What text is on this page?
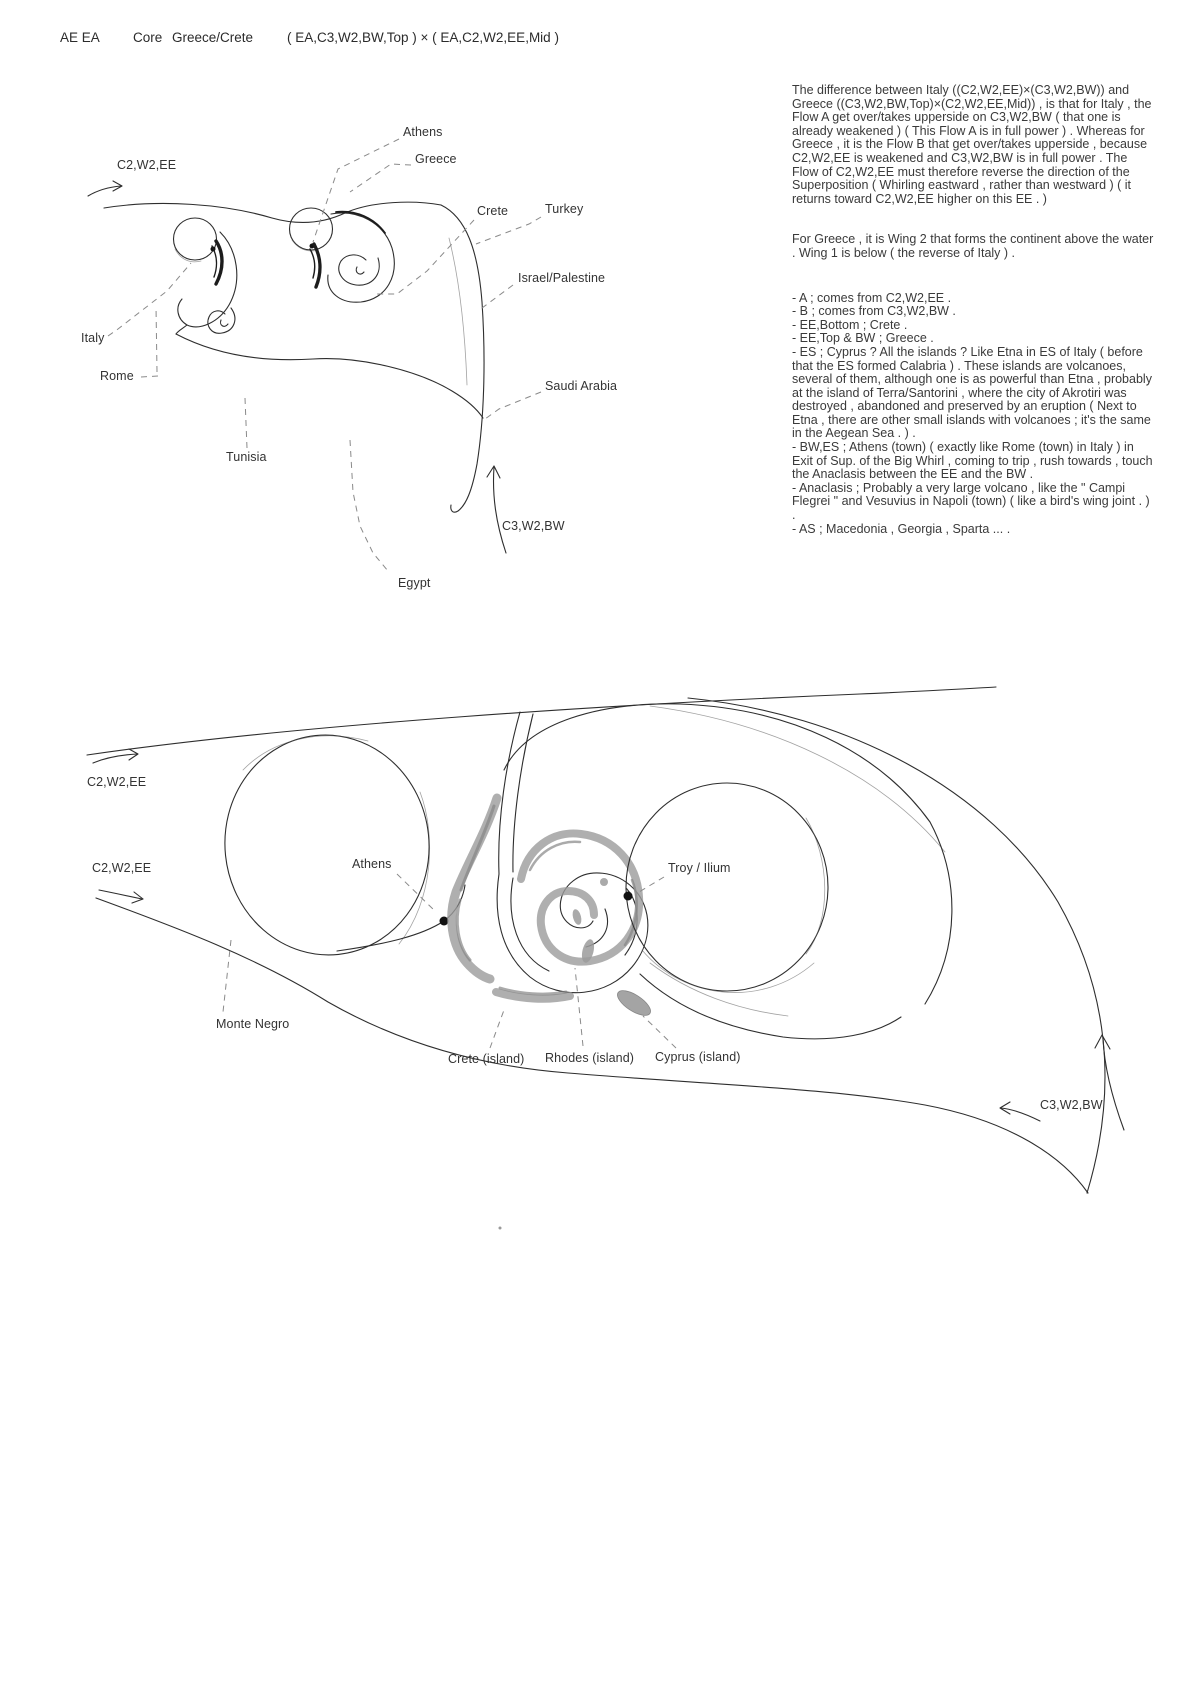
AE EA Core Greece/Crete	( EA,C3,W2,BW,Top ) × ( EA,C2,W2,EE,Mid )
The difference between Italy ((C2,W2,EE)×(C3,W2,BW)) and Greece ((C3,W2,BW,Top)×(C2,W2,EE,Mid)) , is that for Italy , the Flow A get over/takes upperside on C3,W2,BW ( that one is already weakened ) ( This Flow A is in full power ) . Whereas for Greece , it is the Flow B that get over/takes upperside , because C2,W2,EE is weakened and C3,W2,BW is in full power . The Flow of C2,W2,EE must therefore reverse the direction of the Superposition ( Whirling eastward , rather than westward ) ( it returns toward C2,W2,EE higher on this EE . )
For Greece , it is Wing 2 that forms the continent above the water . Wing 1 is below ( the reverse of Italy ) .
- A ; comes from C2,W2,EE .
- B ; comes from C3,W2,BW .
- EE,Bottom ; Crete .
- EE,Top & BW ; Greece .
- ES ; Cyprus ? All the islands ? Like Etna in ES of Italy ( before that the ES formed Calabria ) . These islands are volcanoes, several of them, although one is as powerful than Etna , probably at the island of Terra/Santorini , where the city of Akrotiri was destroyed , abandoned and preserved by an eruption ( Next to Etna , there are other small islands with volcanoes ; it's the same in the Aegean Sea . ) .
- BW,ES ; Athens (town) ( exactly like Rome (town) in Italy ) in Exit of Sup. of the Big Whirl , coming to trip , rush towards , touch the Anaclasis between the EE and the BW .
- Anaclasis ; Probably a very large volcano , like the " Campi Flegrei " and Vesuvius in Napoli (town) ( like a bird's wing joint . ) .
- AS ; Macedonia , Georgia , Sparta ... .
C2,W2,EE
Athens
Greece
Crete	Turkey
Israel/Palestine
Italy
Rome
Saudi Arabia
Tunisia
Egypt
C3,W2,BW
C2,W2,EE
C2,W2,EE	Athens	Troy / Ilium
Monte Negro
Crete (island) Rhodes (island) Cyprus (island)
C3,W2,BW
